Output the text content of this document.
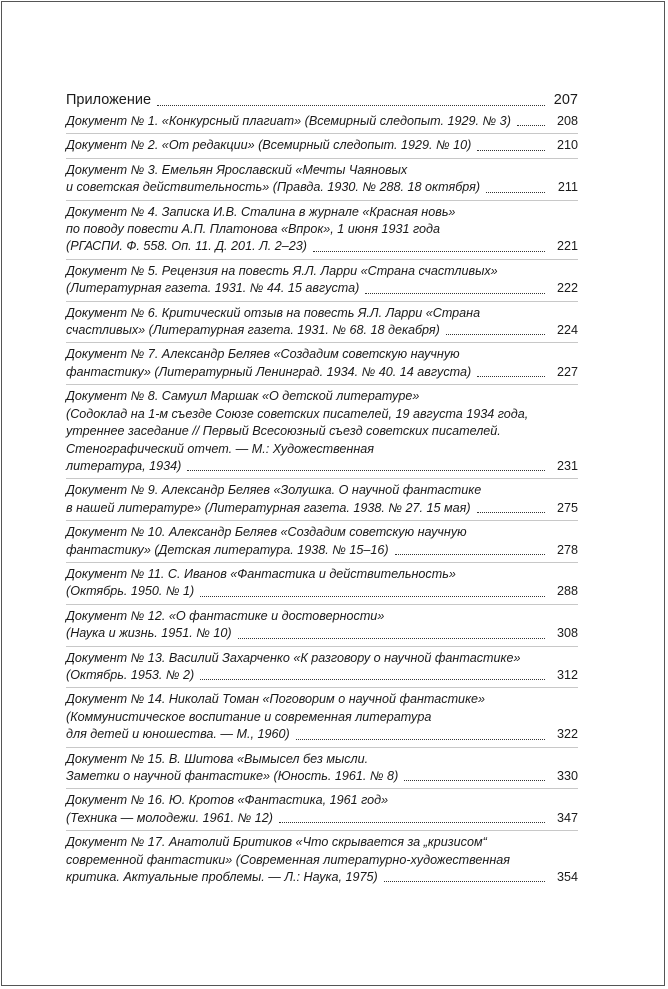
Приложение	207
Документ № 1. «Конкурсный плагиат» (Всемирный следопыт. 1929. № 3)	208
Документ № 2. «От редакции» (Всемирный следопыт. 1929. № 10)	210
Документ № 3. Емельян Ярославский «Мечты Чаяновых
и советская действительность» (Правда. 1930. № 288. 18 октября)	211
Документ № 4. Записка И.В. Сталина в журнале «Красная новь»
по поводу повести А.П. Платонова «Впрок», 1 июня 1931 года
(РГАСПИ. Ф. 558. Оп. 11. Д. 201. Л. 2–23)	221
Документ № 5. Рецензия на повесть Я.Л. Ларри «Страна счастливых»
(Литературная газета. 1931. № 44. 15 августа)	222
Документ № 6. Критический отзыв на повесть Я.Л. Ларри «Страна
счастливых» (Литературная газета. 1931. № 68. 18 декабря)	224
Документ № 7. Александр Беляев «Создадим советскую научную
фантастику» (Литературный Ленинград. 1934. № 40. 14 августа)	227
Документ № 8. Самуил Маршак «О детской литературе»
(Содоклад на 1-м съезде Союзе советских писателей, 19 августа 1934 года,
утреннее заседание // Первый Всесоюзный съезд советских писателей.
Стенографический отчет. — М.: Художественная
литература, 1934)	231
Документ № 9. Александр Беляев «Золушка. О научной фантастике
в нашей литературе» (Литературная газета. 1938. № 27. 15 мая)	275
Документ № 10. Александр Беляев «Создадим советскую научную
фантастику» (Детская литература. 1938. № 15–16)	278
Документ № 11. С. Иванов «Фантастика и действительность»
(Октябрь. 1950. № 1)	288
Документ № 12. «О фантастике и достоверности»
(Наука и жизнь. 1951. № 10)	308
Документ № 13. Василий Захарченко «К разговору о научной фантастике»
(Октябрь. 1953. № 2)	312
Документ № 14. Николай Томан «Поговорим о научной фантастике»
(Коммунистическое воспитание и современная литература
для детей и юношества. — М., 1960)	322
Документ № 15. В. Шитова «Вымысел без мысли.
Заметки о научной фантастике» (Юность. 1961. № 8)	330
Документ № 16. Ю. Кротов «Фантастика, 1961 год»
(Техника — молодежи. 1961. № 12)	347
Документ № 17. Анатолий Бритиков «Что скрывается за „кризисом“
современной фантастики» (Современная литературно-художественная
критика. Актуальные проблемы. — Л.: Наука, 1975)	354
